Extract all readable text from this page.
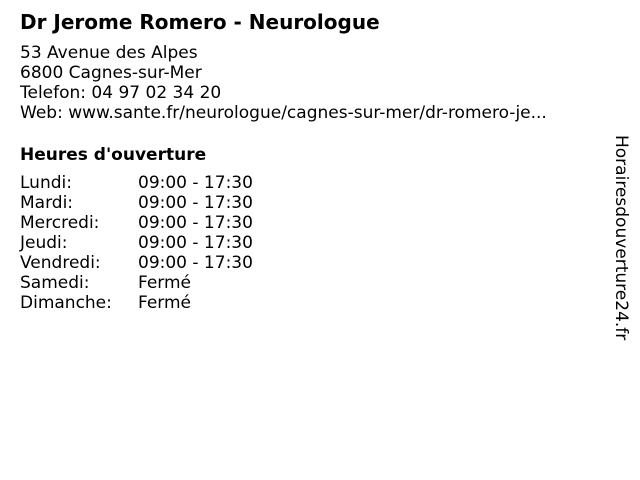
Dr Jerome Romero - Neurologue
53 Avenue des Alpes
6800 Cagnes-sur-Mer
Telefon: 04 97 02 34 20
Web: www.sante.fr/neurologue/cagnes-sur-mer/dr-romero-je...
Heures d'ouverture
Lundi:	09:00 - 17:30
Mardi:	09:00 - 17:30
Mercredi:	09:00 - 17:30
Jeudi:	09:00 - 17:30
Vendredi:	09:00 - 17:30
Samedi:	Fermé
Dimanche:	Fermé	Horairesdouverture24.fr
